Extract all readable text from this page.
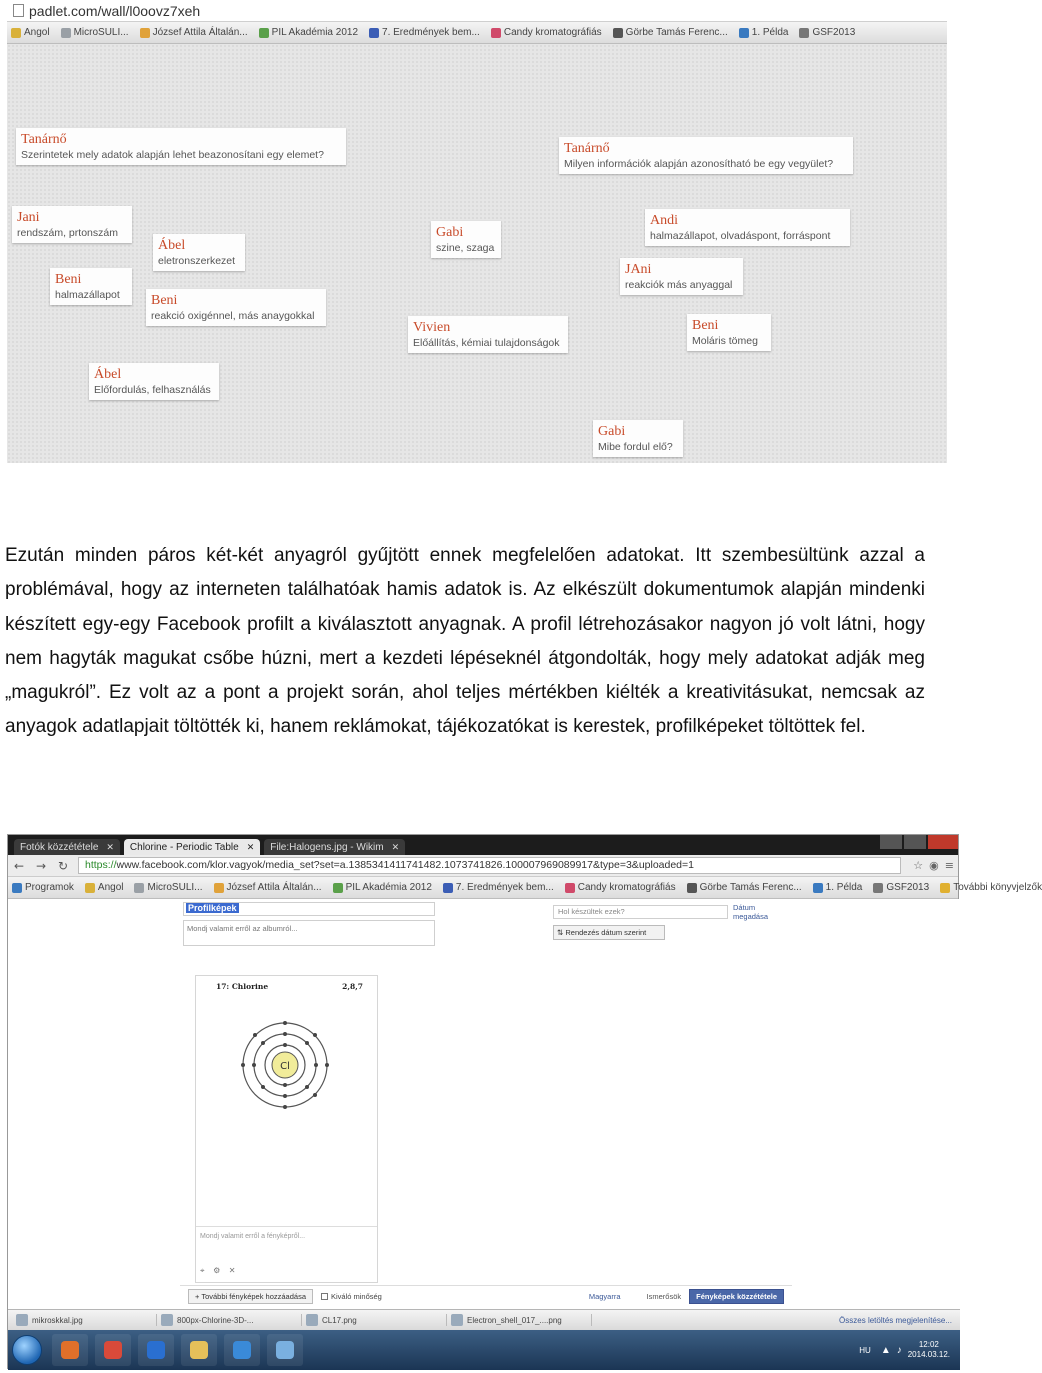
padlet.com/wall/l0oovz7xeh
Angol MicroSULI... József Attila Általán... PIL Akadémia 2012 7. Eredmények bem... Candy kromatográfiás Görbe Tamás Ferenc... 1. Példa GSF2013
Tanárnő
Szerintetek mely adatok alapján lehet beazonosítani egy elemet?	Tanárnő
Milyen információk alapján azonosítható be egy vegyület?
Jani
rendszám, prtonszám
Ábel
eletronszerkezet
Beni
halmazállapot	Beni
reakció oxigénnel, más anaygokkal
Ábel
Előfordulás, felhasználás
Gabi
szine, szaga
Vivien
Előállítás, kémiai tulajdonságok
Andi
halmazállapot, olvadáspont, forráspont
JAni
reakciók más anyaggal
Beni
Moláris tömeg
Gabi
Mibe fordul elő?

Ezután minden páros két-két anyagról gyűjtött ennek megfelelően adatokat. Itt szembesültünk azzal a problémával, hogy az interneten találhatóak hamis adatok is. Az elkészült dokumentumok alapján mindenki készített egy-egy Facebook profilt a kiválasztott anyagnak. A profil létrehozásakor nagyon jó volt látni, hogy nem hagyták magukat csőbe húzni, mert a kezdeti lépéseknél átgondolták, hogy mely adatokat adják meg „magukról”. Ez volt az a pont a projekt során, ahol teljes mértékben kiélték a kreativitásukat, nemcsak az anyagok adatlapjait töltötték ki, hanem reklámokat, tájékozatókat is kerestek, profilképeket töltöttek fel.

Fotók közzététele ✕ Chlorine - Periodic Table ✕ File:Halogens.jpg - Wikim ✕
← → ↻	https://www.facebook.com/klor.vagyok/media_set?set=a.1385341411741482.1073741826.100007969089917&type=3&uploaded=1	☆ ◉ ≡
Programok Angol MicroSULI... József Attila Általán... PIL Akadémia 2012 7. Eredmények bem... Candy kromatográfiás Görbe Tamás Ferenc... 1. Példa GSF2013 További könyvjelzők
Profilképek
Mondj valamit erről az albumról...
Hol készültek ezek?	Dátum megadása
⇅ Rendezés dátum szerint
17: Chlorine	2,8,7
Cl
Mondj valamit erről a fényképről...
⌖ ⚙ ✕
+ További fényképek hozzáadása	Kiváló minőség	Magyarra	Ismerősök	Fényképek közzététele
mikroskkal.jpg	800px-Chlorine-3D-...	CL17.png	Electron_shell_017_....png	Összes letöltés megjelenítése...
HU ▲ ♪	12:02
2014.03.12.
